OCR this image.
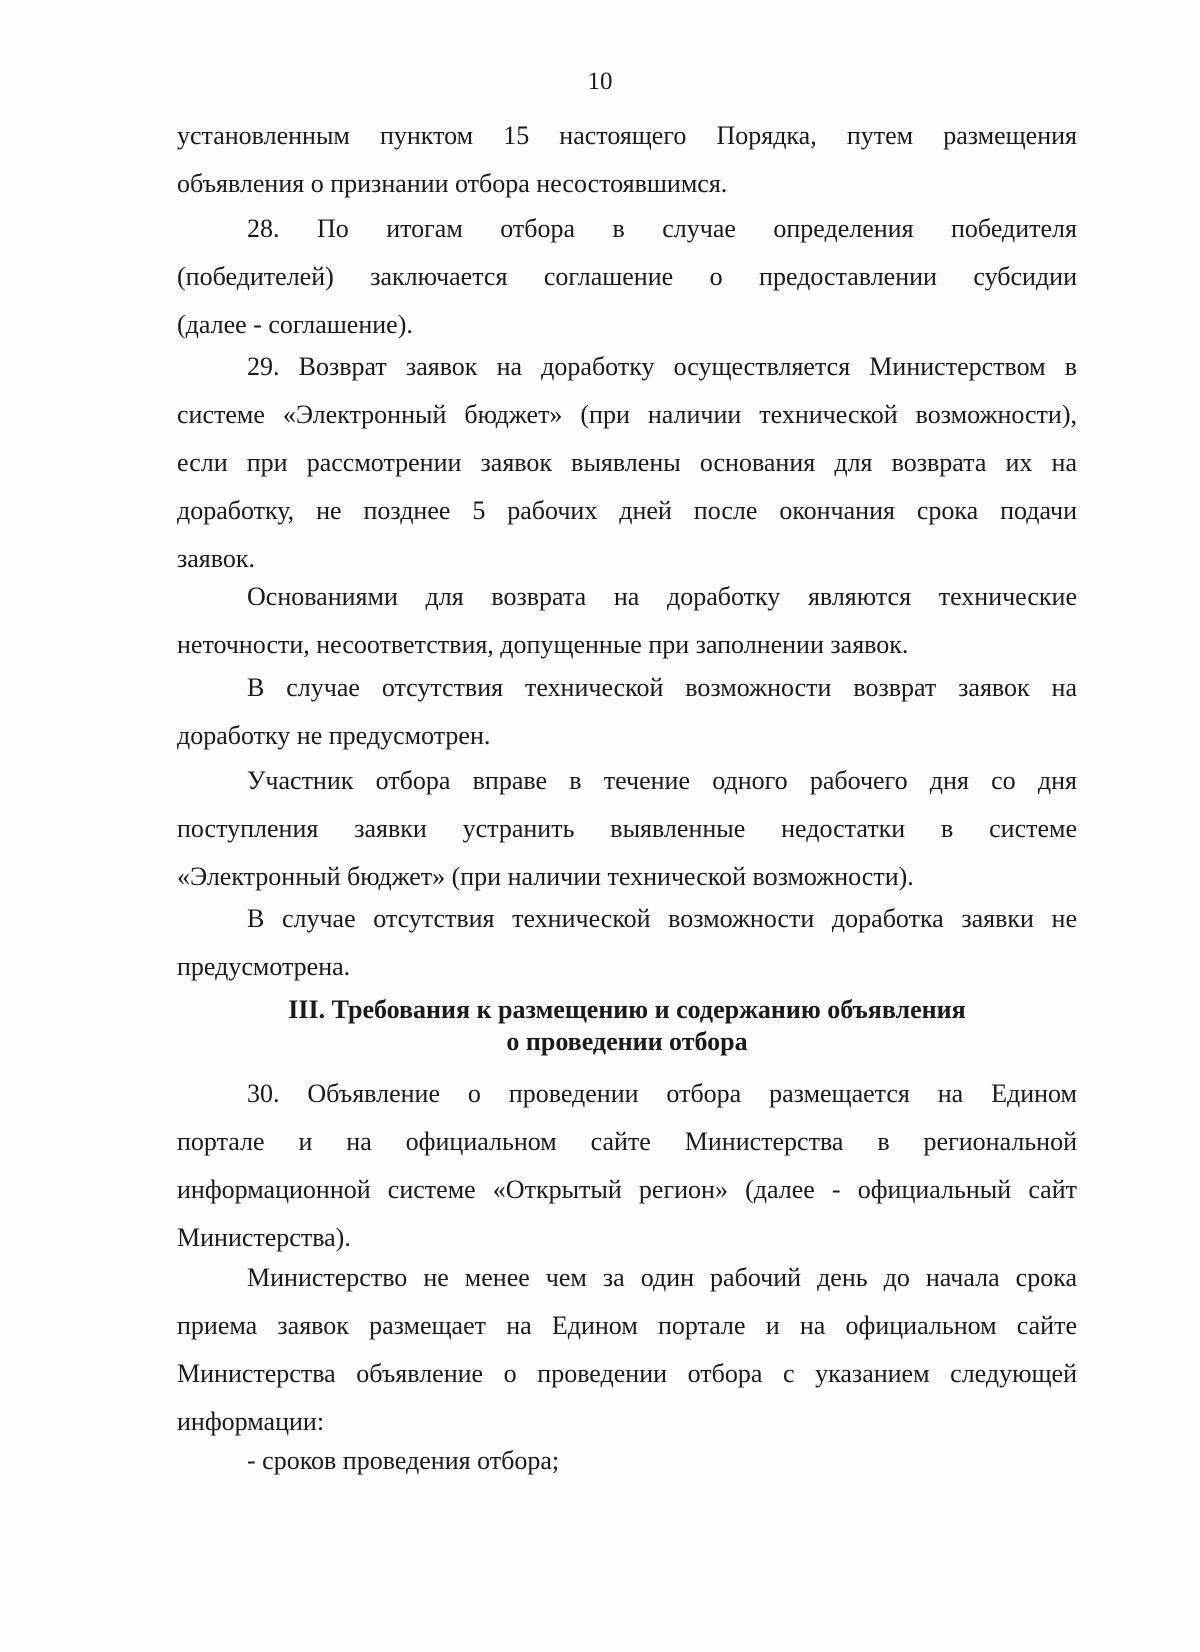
10

установленным пунктом 15 настоящего Порядка, путем размещения
объявления о признании отбора несостоявшимся.

28. По итогам отбора в случае определения победителя
(победителей) заключается соглашение о предоставлении субсидии
(далее - соглашение).

29. Возврат заявок на доработку осуществляется Министерством в
системе «Электронный бюджет» (при наличии технической возможности),
если при рассмотрении заявок выявлены основания для возврата их на
доработку, не позднее 5 рабочих дней после окончания срока подачи
заявок.

Основаниями для возврата на доработку являются технические
неточности, несоответствия, допущенные при заполнении заявок.

В случае отсутствия технической возможности возврат заявок на
доработку не предусмотрен.

Участник отбора вправе в течение одного рабочего дня со дня
поступления заявки устранить выявленные недостатки в системе
«Электронный бюджет» (при наличии технической возможности).

В случае отсутствия технической возможности доработка заявки не
предусмотрена.

III. Требования к размещению и содержанию объявления
о проведении отбора

30. Объявление о проведении отбора размещается на Едином
портале и на официальном сайте Министерства в региональной
информационной системе «Открытый регион» (далее - официальный сайт
Министерства).

Министерство не менее чем за один рабочий день до начала срока
приема заявок размещает на Едином портале и на официальном сайте
Министерства объявление о проведении отбора с указанием следующей
информации:

- сроков проведения отбора;
